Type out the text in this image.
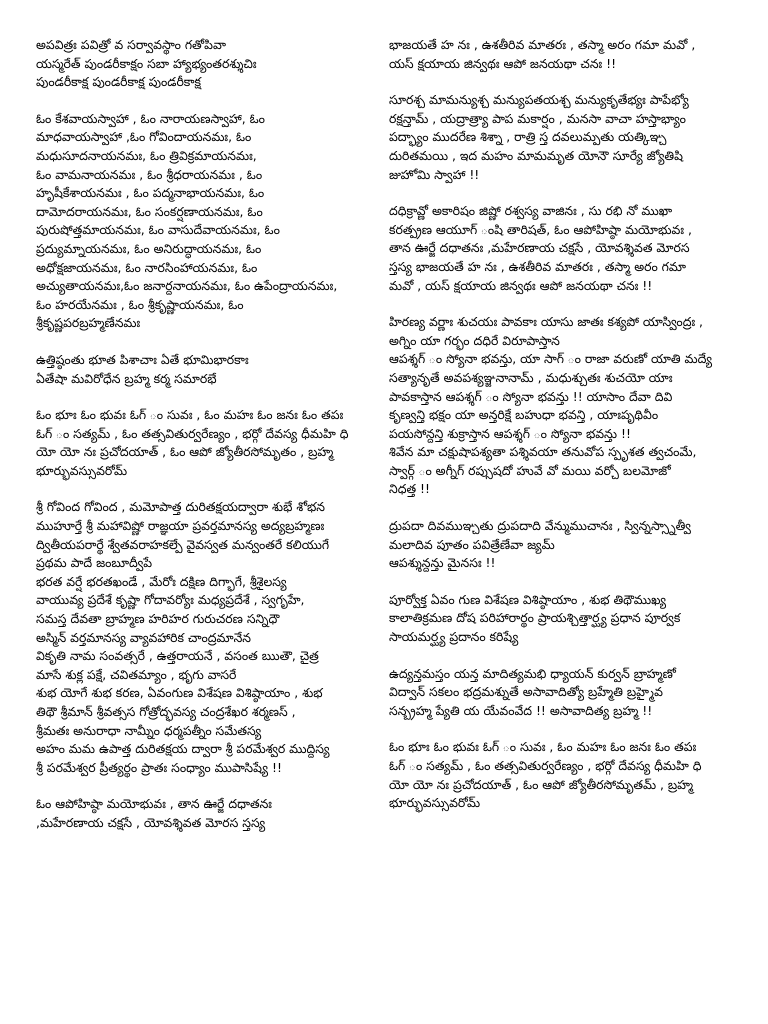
అపవిత్రః పవిత్రో వ సర్వావస్థాం గతోపివా
యస్మరేత్ పుండరీకాక్షం సబా హ్యాభ్యంతరశ్శుచిః
పుండరీకాక్ష పుండరీకాక్ష పుండరీకాక్ష
ఓం కేశవాయస్వాహా , ఓం నారాయణస్వాహా, ఓం
మాధవాయస్వాహా ,ఓం గోవిందాయనమః, ఓం
మధుసూదనాయనమః, ఓం త్రివిక్రమాయనమః,
ఓం వామనాయనమః , ఓం శ్రీధరాయనమః , ఓం
హృషీకేశాయనమః , ఓం పద్మనాభాయనమః, ఓం
దామోదరాయనమః, ఓం సంకర్షణాయనమః, ఓం
పురుషోత్తమాయనమః, ఓం వాసుదేవాయనమః, ఓం
ప్రద్యుమ్నాయనమః, ఓం అనిరుద్ధాయనమః, ఓం
అధోక్షజాయనమః, ఓం నారసింహాయనమః, ఓం
అచ్యుతాయనమః,ఓం జనార్దనాయనమః, ఓం ఉపేంద్రాయనమః,
ఓం హరయేనమః , ఓం శ్రీకృష్ణాయనమః, ఓం
శ్రీకృష్ణపరబ్రహ్మణేనమః
ఉత్తిష్ఠంతు భూత పిశాచాః ఏతే భూమిభారకాః
ఏతేషా మవిరోధేన బ్రహ్మ కర్మ సమారభే
ఓం భూః ఓం భువః ఓగ్ ం సువః , ఓం మహః ఓం జనః ఓం తపః
ఓగ్ ం సత్యమ్ , ఓం తత్సవితుర్వరేణ్యం , భర్గో దేవస్య ధీమహి ధి
యో యో నః ప్రచోదయాత్ , ఓం ఆపో జ్యోతీరసోమృతం , బ్రహ్మ
భూర్భువస్సువరోమ్
శ్రీ గోవింద గోవింద , మమోపాత్త దురితక్షయద్వారా శుభే శోభన
ముహూర్తే శ్రీ మహావిష్ణో రాజ్ఞయా ప్రవర్తమానస్య అద్యబ్రహ్మణః
ద్వితీయపరార్థే శ్వేతవరాహకల్పే వైవస్వత మన్వంతరే కలియుగే
ప్రథమ పాదే జంబూద్వీపే
భరత వర్షే భరతఖండే , మేరోః దక్షిణ దిగ్భాగే, శ్రీశైలస్య
వాయువ్య ప్రదేశే కృష్ణా గోదావర్యోః మధ్యప్రదేశే , స్వగృహే,
సమస్త దేవతా బ్రాహ్మణ హరిహర గురుచరణ సన్నిధౌ
అస్మిన్ వర్తమానస్య వ్యావహారిక చాంద్రమానేన
వికృతి నామ సంవత్సరే , ఉత్తరాయనే , వసంత ఋతౌ, చైత్ర
మాసే శుక్ల పక్షే, చవితమ్యాం , భృగు వాసరే
శుభ యోగే శుభ కరణ, ఏవంగుణ విశేషణ విశిష్ఠాయాం , శుభ
తిథౌ శ్రీమాన్ శ్రీవత్సస గోత్రోద్భవస్య చంద్రశేఖర శర్మణస్ ,
శ్రీమతః అనురాధా నామ్నీం ధర్మపత్నీం సమేతస్య
అహం మమ ఉపాత్త దురితక్షయ ద్వారా శ్రీ పరమేశ్వర ముద్దిస్య
శ్రీ పరమేశ్వర ప్రీత్యర్థం ప్రాతః సంధ్యాం ముపాసిష్యే !!
ఓం ఆపోహిష్ఠా మయోభువః , తాన ఊర్జే దధాతనః
,మహేరణాయ చక్షసే , యోవశ్శివత మోరస స్తస్య
భాజయతే హ నః , ఉశతీరివ మాతరః , తస్మా అరం గమా మవో ,
యస్ క్షయాయ జిన్వథః ఆపో జనయథా చనః !!
సూరశ్చ మామన్యుశ్చ మన్యుపతయశ్చ మన్యుకృతేభ్యః పాపేభ్యో
రక్షన్తామ్ , యద్రాత్ర్యా పాప మకార్షం , మనసా వాచా హస్తాభ్యాం
పద్భ్యాం ముదరేణ శిశ్నా , రాత్రి స్త దవలుమ్పతు యత్కిఞ్చ
దురితమయి , ఇద మహం మామమృత యోనౌ సూర్యే జ్యోతిషి
జుహోమి స్వాహా !!
దధిక్రావ్ణో అకారిషం జిష్ణో రశ్వస్య వాజినః , సు రభి నో ముఖా
కరత్ప్రణ ఆయూగ్ ంషి తారిషత్, ఓం ఆపోహిష్ఠా మయోభువః ,
తాన ఊర్జే దధాతనః ,మహేరణాయ చక్షసే , యోవశ్శివత మోరస
స్తస్య భాజయతే హ నః , ఉశతీరివ మాతరః , తస్మా అరం గమా
మవో , యస్ క్షయాయ జిన్వథః ఆపో జనయథా చనః !!
హిరణ్య వర్ణాః శుచయః పావకాః యాసు జాతః కశ్యపో యాస్వింద్రః ,
అగ్నిం యా గర్భం దధిరే విరూపాస్తాన
ఆపశ్శగ్ ం స్యోనా భవన్తు, యా సాగ్ ం రాజా వరుణో యాతి మద్యే
సత్యానృతే అవపశ్యఞ్జనానామ్ , మధుశ్చుతః శుచయో యాః
పావకాస్తాన ఆపశ్శగ్ ం స్యోనా భవన్తు !! యాసాం దేవా దివి
కృణ్వన్తి భక్షం యా అన్తరిక్షే బహుధా భవన్తి , యాఃపృథివీం
పయసోన్దన్తి శుక్రాస్తాన ఆపశ్శగ్ ం స్యోనా భవన్తు !!
శివేన మా చక్షుషాపశ్యతా పశ్శివయా తనువోప స్పృశత త్వచంమే,
స్వార్గ్ ం అగ్నీగ్ రప్సుషదో హువే వో మయి వర్చో బలమోజో
నిధత్త !!
ద్రుపదా దివముఞ్చతు ద్రుపదాది వేన్ముముచానః , స్విన్నస్స్నాత్వీ
మలాదివ పూతం పవిత్రేణేవా జ్యమ్
ఆపశ్శున్దన్తు మైనసః !!
పూర్వోక్త ఏవం గుణ విశేషణ విశిష్ఠాయాం , శుభ తిథౌముఖ్య
కాలాతిక్రమణ దోష పరిహారార్థం ప్రాయశ్చిత్తార్ఘ్య ప్రధాన పూర్వక
సాయమర్ఘ్య ప్రదానం కరిష్యే
ఉద్యన్తమస్తం యన్త మాదిత్యమభి ధ్యాయన్ కుర్వన్ బ్రాహ్మణో
విద్వాన్ సకలం భద్రమశ్నుతే అసావాదిత్యో బ్రహ్మేతి బ్రహ్మైవ
సన్బ్రహ్మ ప్యేతి య యేవంవేద !! అసావాదిత్య బ్రహ్మ !!
ఓం భూః ఓం భువః ఓగ్ ం సువః , ఓం మహః ఓం జనః ఓం తపః
ఓగ్ ం సత్యమ్ , ఓం తత్సవితుర్వరేణ్యం , భర్గో దేవస్య ధీమహి ధి
యో యో నః ప్రచోదయాత్ , ఓం ఆపో జ్యోతీరసోమృతమ్ , బ్రహ్మ
భూర్భువస్సువరోమ్
